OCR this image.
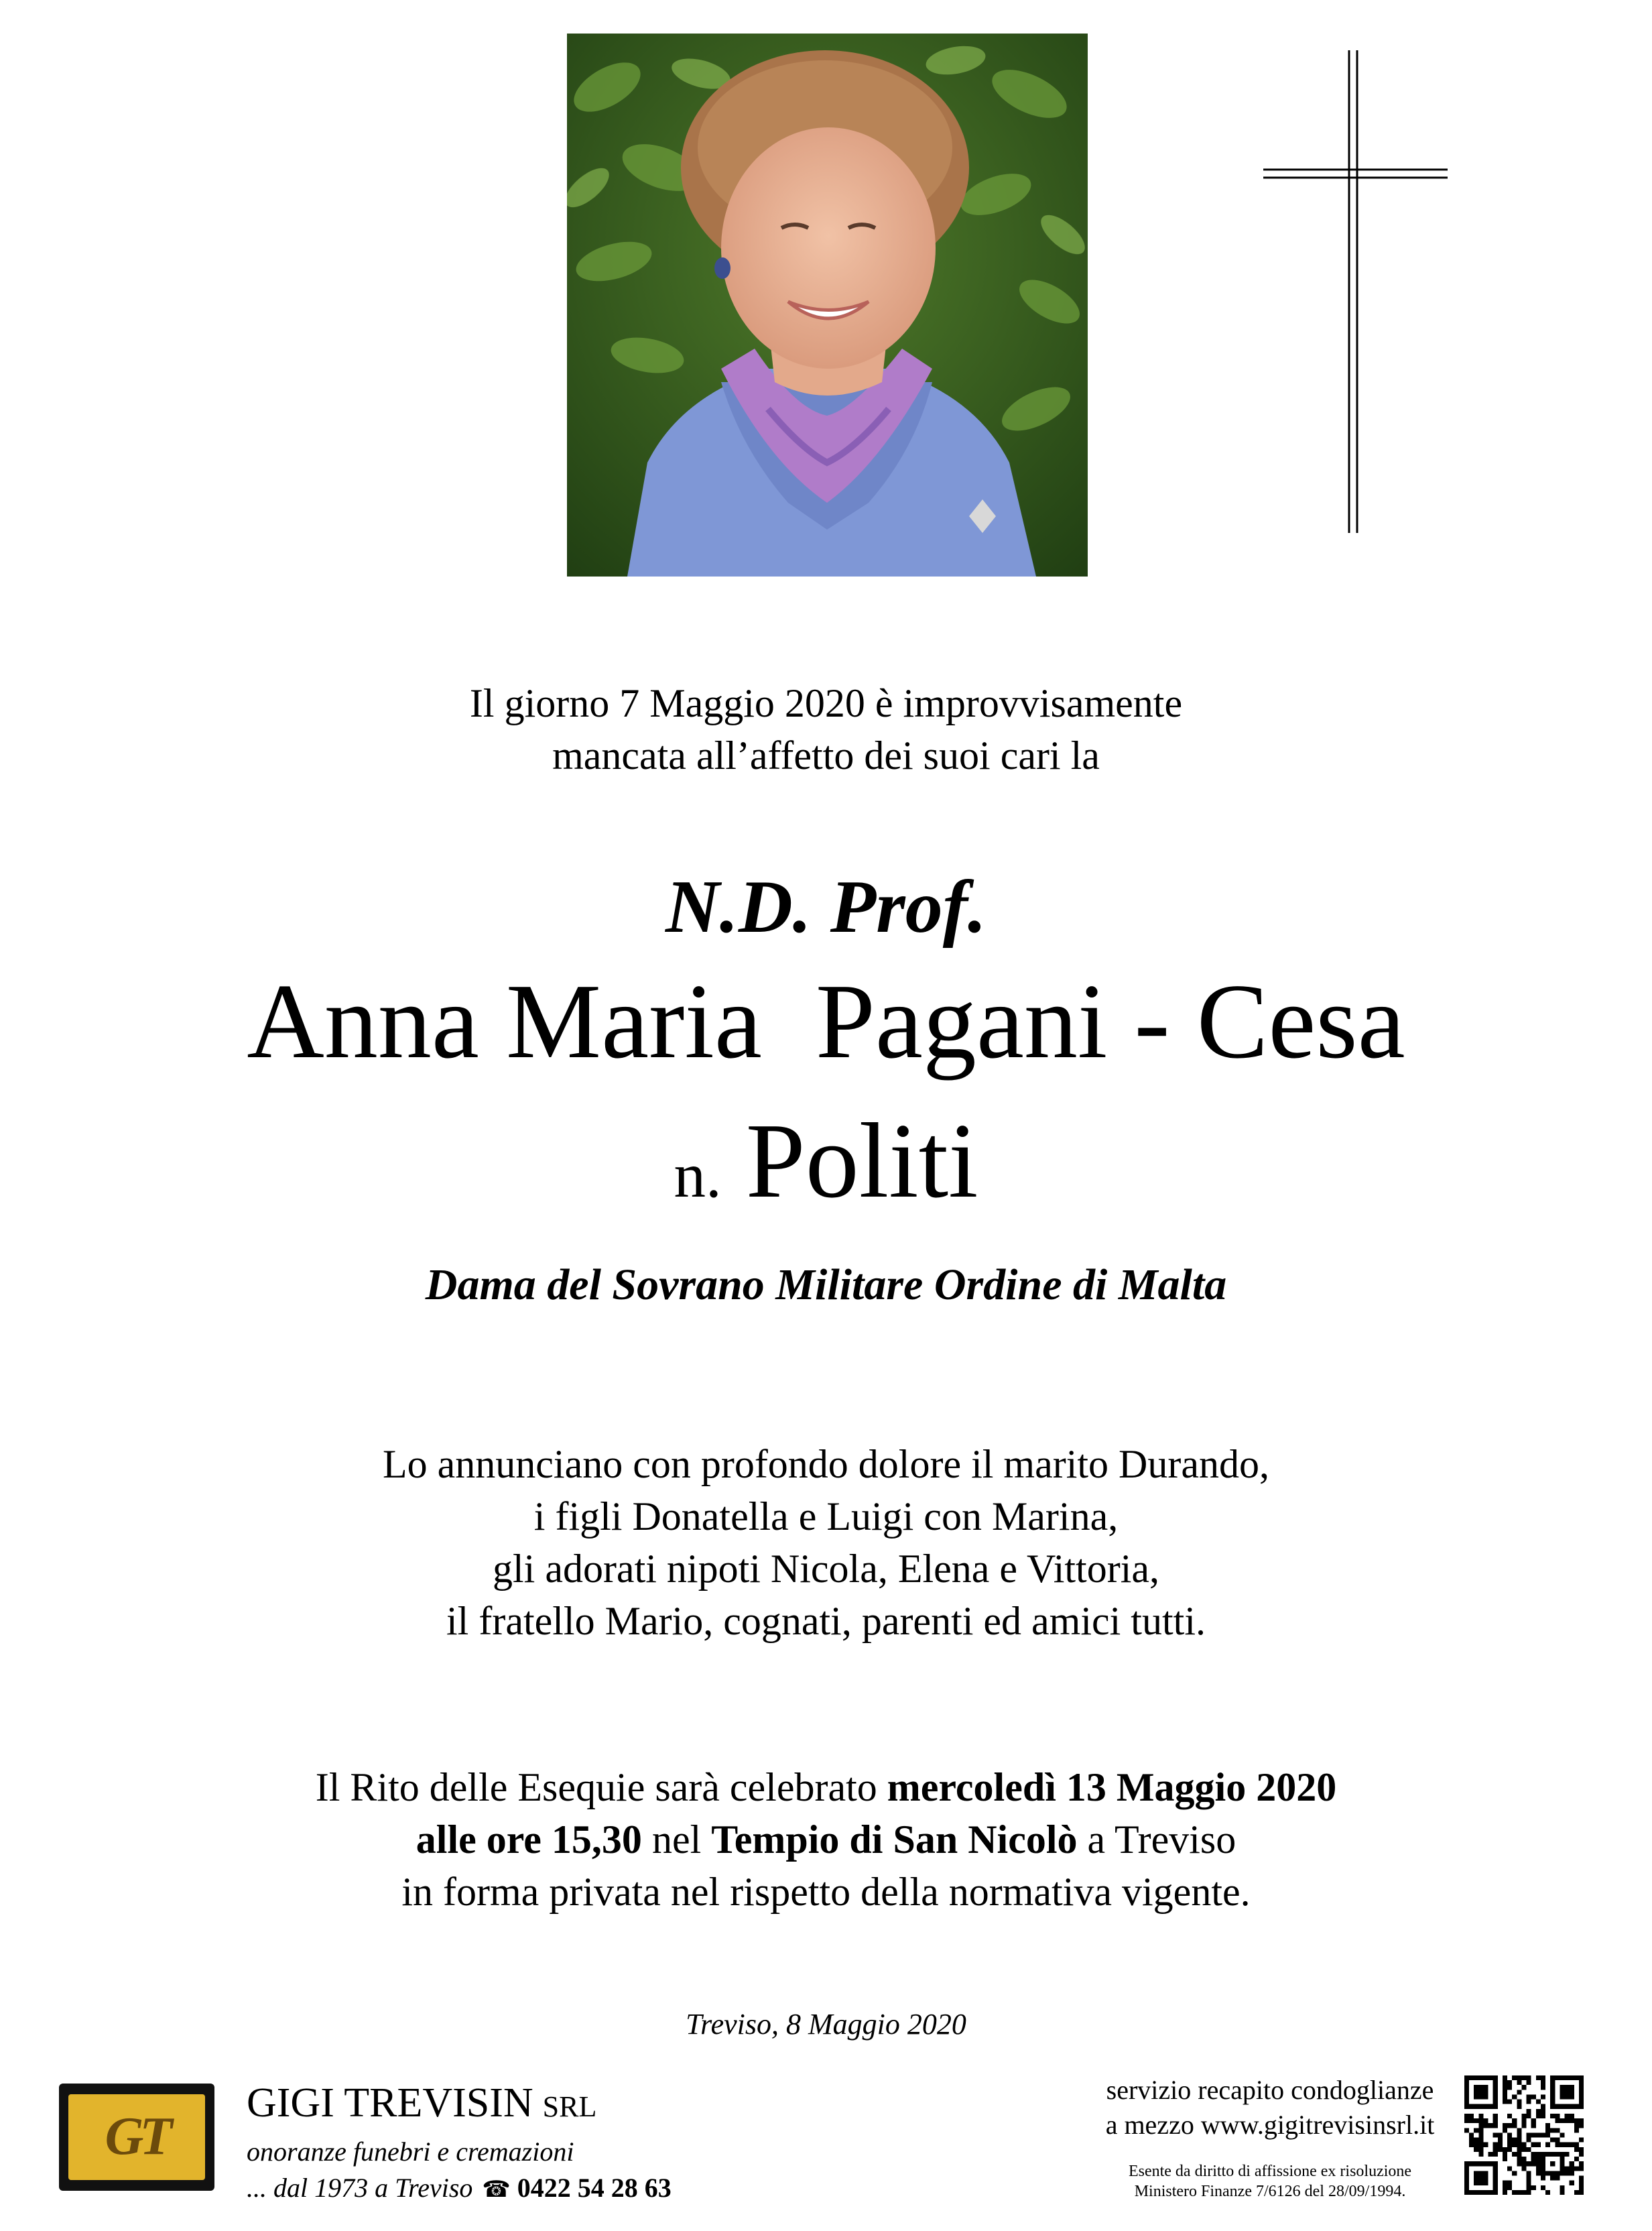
Il giorno 7 Maggio 2020 è improvvisamente
mancata all’affetto dei suoi cari la
N.D. Prof.
Anna Maria  Pagani - Cesa
n. Politi
Dama del Sovrano Militare Ordine di Malta
Lo annunciano con profondo dolore il marito Durando,
i figli Donatella e Luigi con Marina,
gli adorati nipoti Nicola, Elena e Vittoria,
il fratello Mario, cognati, parenti ed amici tutti.
Il Rito delle Esequie sarà celebrato mercoledì 13 Maggio 2020
alle ore 15,30 nel Tempio di San Nicolò a Treviso
in forma privata nel rispetto della normativa vigente.
Treviso, 8 Maggio 2020
GT
GIGI TREVISIN SRL
onoranze funebri e cremazioni
... dal 1973 a Treviso ☎ 0422 54 28 63
servizio recapito condoglianze
a mezzo www.gigitrevisinsrl.it
Esente da diritto di affissione ex risoluzione
Ministero Finanze 7/6126 del 28/09/1994.
